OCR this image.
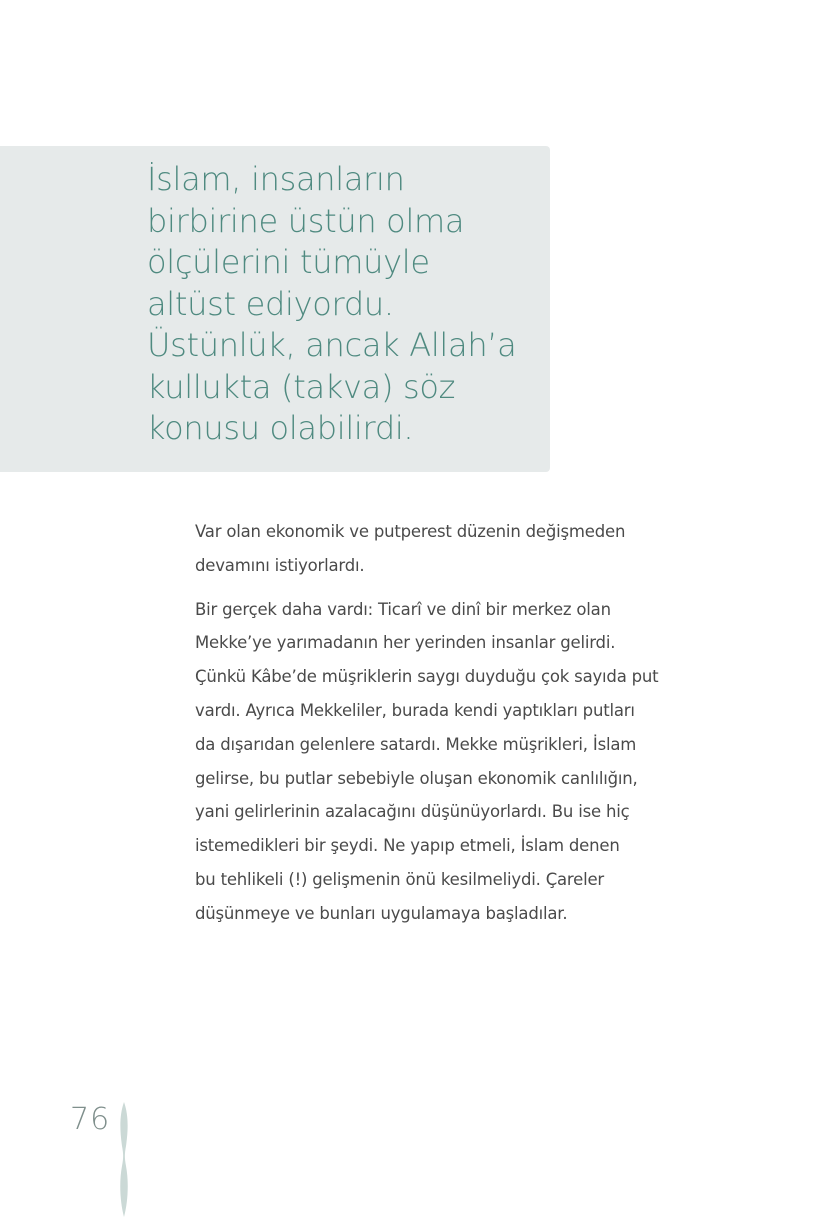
İslam, insanların
birbirine üstün olma
ölçülerini tümüyle
altüst ediyordu.
Üstünlük, ancak Allah’a
kullukta (takva) söz
konusu olabilirdi.

Var olan ekonomik ve putperest düzenin değişmeden
devamını istiyorlardı.

Bir gerçek daha vardı: Ticarî ve dinî bir merkez olan
Mekke’ye yarımadanın her yerinden insanlar gelirdi.
Çünkü Kâbe’de müşriklerin saygı duyduğu çok sayıda put
vardı. Ayrıca Mekkeliler, burada kendi yaptıkları putları
da dışarıdan gelenlere satardı. Mekke müşrikleri, İslam
gelirse, bu putlar sebebiyle oluşan ekonomik canlılığın,
yani gelirlerinin azalacağını düşünüyorlardı. Bu ise hiç
istemedikleri bir şeydi. Ne yapıp etmeli, İslam denen
bu tehlikeli (!) gelişmenin önü kesilmeliydi. Çareler
düşünmeye ve bunları uygulamaya başladılar.

76
